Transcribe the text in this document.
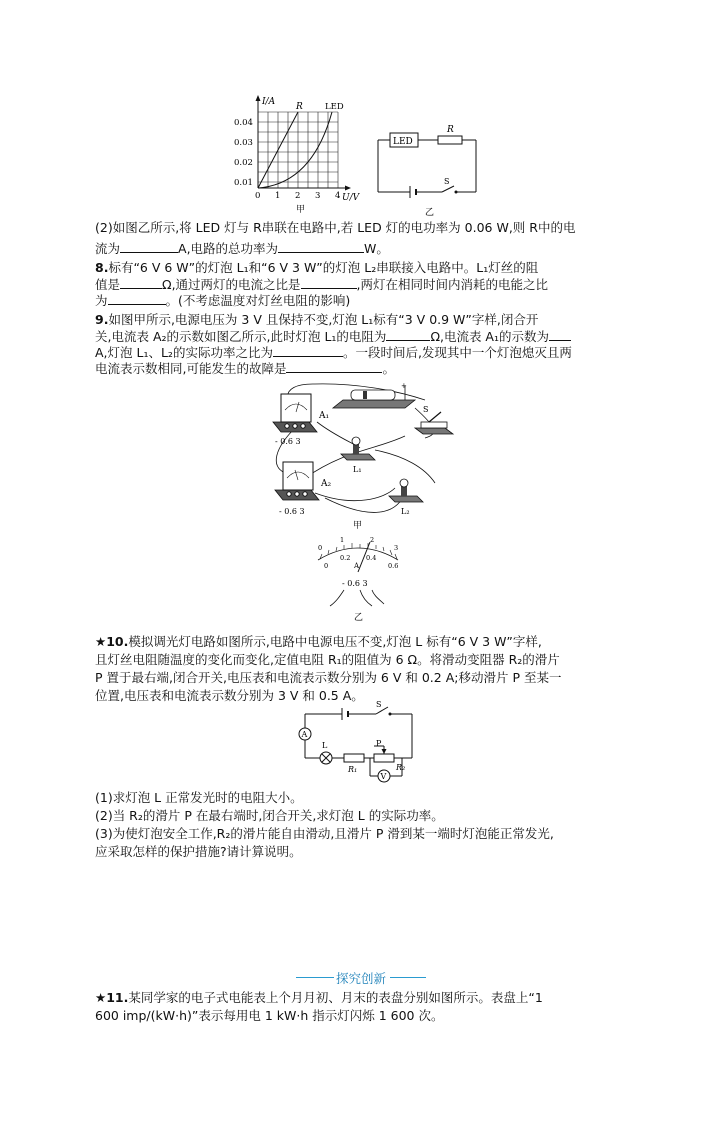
I/A
U/V
R	LED
0.04
0.03
0.02
0.01
0 1 2 3 4
甲
LED
R
S
乙
(2)如图乙所示,将 LED 灯与 R串联在电路中,若 LED 灯的电功率为 0.06 W,则 R中的电
流为	A,电路的总功率为	W。
8.标有“6 V 6 W”的灯泡 L₁和“6 V 3 W”的灯泡 L₂串联接入电路中。L₁灯丝的阻
值是	Ω,通过两灯的电流之比是	,两灯在相同时间内消耗的电能之比
为	。(不考虑温度对灯丝电阻的影响)
9.如图甲所示,电源电压为 3 V 且保持不变,灯泡 L₁标有“3 V 0.9 W”字样,闭合开
关,电流表 A₂的示数如图乙所示,此时灯泡 L₁的电阻为	Ω,电流表 A₁的示数为
A,灯泡 L₁、L₂的实际功率之比为	。一段时间后,发现其中一个灯泡熄灭且两
电流表示数相同,可能发生的故障是	。
A₁
- 0.6 3
A₂
- 0.6 3
+
S
L₁
L₂
甲
0
1	2
3
0
0.2 0.4
0.6
A
- 0.6 3
乙
★10.模拟调光灯电路如图所示,电路中电源电压不变,灯泡 L 标有“6 V 3 W”字样,
且灯丝电阻随温度的变化而变化,定值电阻 R₁的阻值为 6 Ω。将滑动变阻器 R₂的滑片
P 置于最右端,闭合开关,电压表和电流表示数分别为 6 V 和 0.2 A;移动滑片 P 至某一
位置,电压表和电流表示数分别为 3 V 和 0.5 A。
S
A
L
R₁
P
R₂
V
(1)求灯泡 L 正常发光时的电阻大小。
(2)当 R₂的滑片 P 在最右端时,闭合开关,求灯泡 L 的实际功率。
(3)为使灯泡安全工作,R₂的滑片能自由滑动,且滑片 P 滑到某一端时灯泡能正常发光,
应采取怎样的保护措施?请计算说明。
探究创新
★11.某同学家的电子式电能表上个月月初、月末的表盘分别如图所示。表盘上“1
600 imp/(kW·h)”表示每用电 1 kW·h 指示灯闪烁 1 600 次。
